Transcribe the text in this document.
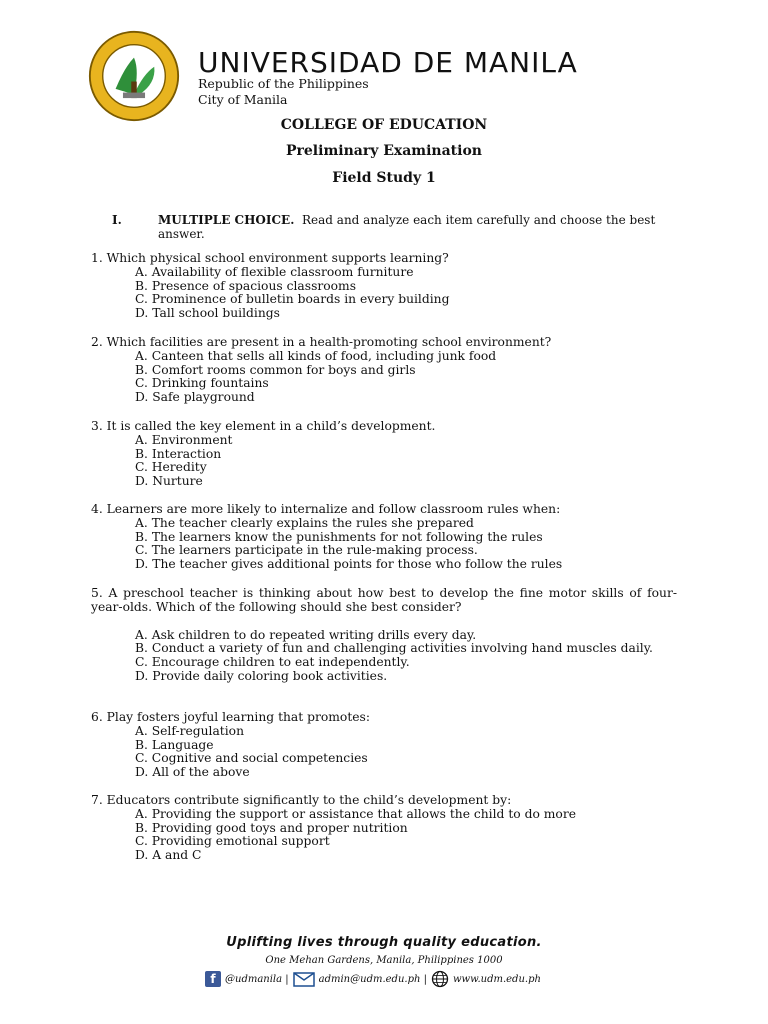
UNIVERSIDAD DE MANILA
Republic of the Philippines
City of Manila
COLLEGE OF EDUCATION
Preliminary Examination
Field Study 1
I.	MULTIPLE CHOICE. Read and analyze each item carefully and choose the best answer.
1. Which physical school environment supports learning?
A. Availability of flexible classroom furniture
B. Presence of spacious classrooms
C. Prominence of bulletin boards in every building
D. Tall school buildings
2. Which facilities are present in a health-promoting school environment?
A. Canteen that sells all kinds of food, including junk food
B. Comfort rooms common for boys and girls
C. Drinking fountains
D. Safe playground
3. It is called the key element in a child’s development.
A. Environment
B. Interaction
C. Heredity
D. Nurture
4. Learners are more likely to internalize and follow classroom rules when:
A. The teacher clearly explains the rules she prepared
B. The learners know the punishments for not following the rules
C. The learners participate in the rule-making process.
D. The teacher gives additional points for those who follow the rules
5. A preschool teacher is thinking about how best to develop the fine motor skills of four-year-olds. Which of the following should she best consider?
A. Ask children to do repeated writing drills every day.
B. Conduct a variety of fun and challenging activities involving hand muscles daily.
C. Encourage children to eat independently.
D. Provide daily coloring book activities.
6. Play fosters joyful learning that promotes:
A. Self-regulation
B. Language
C. Cognitive and social competencies
D. All of the above
7. Educators contribute significantly to the child’s development by:
A. Providing the support or assistance that allows the child to do more
B. Providing good toys and proper nutrition
C. Providing emotional support
D. A and C
Uplifting lives through quality education.
One Mehan Gardens, Manila, Philippines 1000
f @udmanila |	admin@udm.edu.ph |	www.udm.edu.ph
